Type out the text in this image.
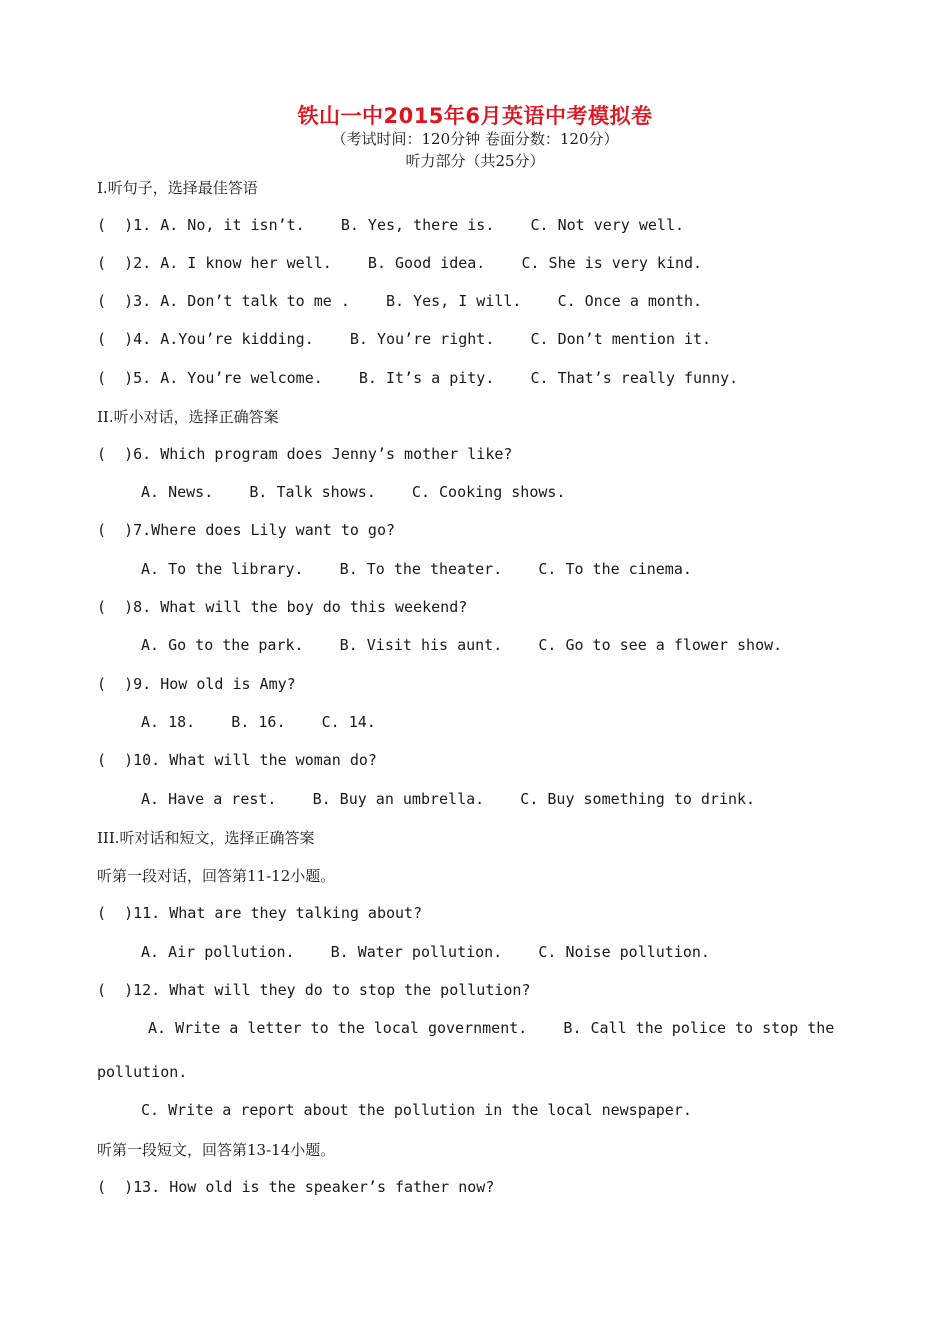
铁山一中2015年6月英语中考模拟卷
（考试时间：120分钟 卷面分数：120分）
听力部分（共25分）
I.听句子，选择最佳答语
(  )1. A. No, it isn’t.    B. Yes, there is.    C. Not very well.
(  )2. A. I know her well.    B. Good idea.    C. She is very kind.
(  )3. A. Don’t talk to me .    B. Yes, I will.    C. Once a month.
(  )4. A.You’re kidding.    B. You’re right.    C. Don’t mention it.
(  )5. A. You’re welcome.    B. It’s a pity.    C. That’s really funny.
II.听小对话，选择正确答案
(  )6. Which program does Jenny’s mother like?
A. News.    B. Talk shows.    C. Cooking shows.
(  )7.Where does Lily want to go?
A. To the library.    B. To the theater.    C. To the cinema.
(  )8. What will the boy do this weekend?
A. Go to the park.    B. Visit his aunt.    C. Go to see a flower show.
(  )9. How old is Amy?
A. 18.    B. 16.    C. 14.
(  )10. What will the woman do?
A. Have a rest.    B. Buy an umbrella.    C. Buy something to drink.
III.听对话和短文，选择正确答案
听第一段对话，回答第11-12小题。
(  )11. What are they talking about?
A. Air pollution.    B. Water pollution.    C. Noise pollution.
(  )12. What will they do to stop the pollution?
A. Write a letter to the local government.    B. Call the police to stop the
pollution.
C. Write a report about the pollution in the local newspaper.
听第一段短文，回答第13-14小题。
(  )13. How old is the speaker’s father now?
